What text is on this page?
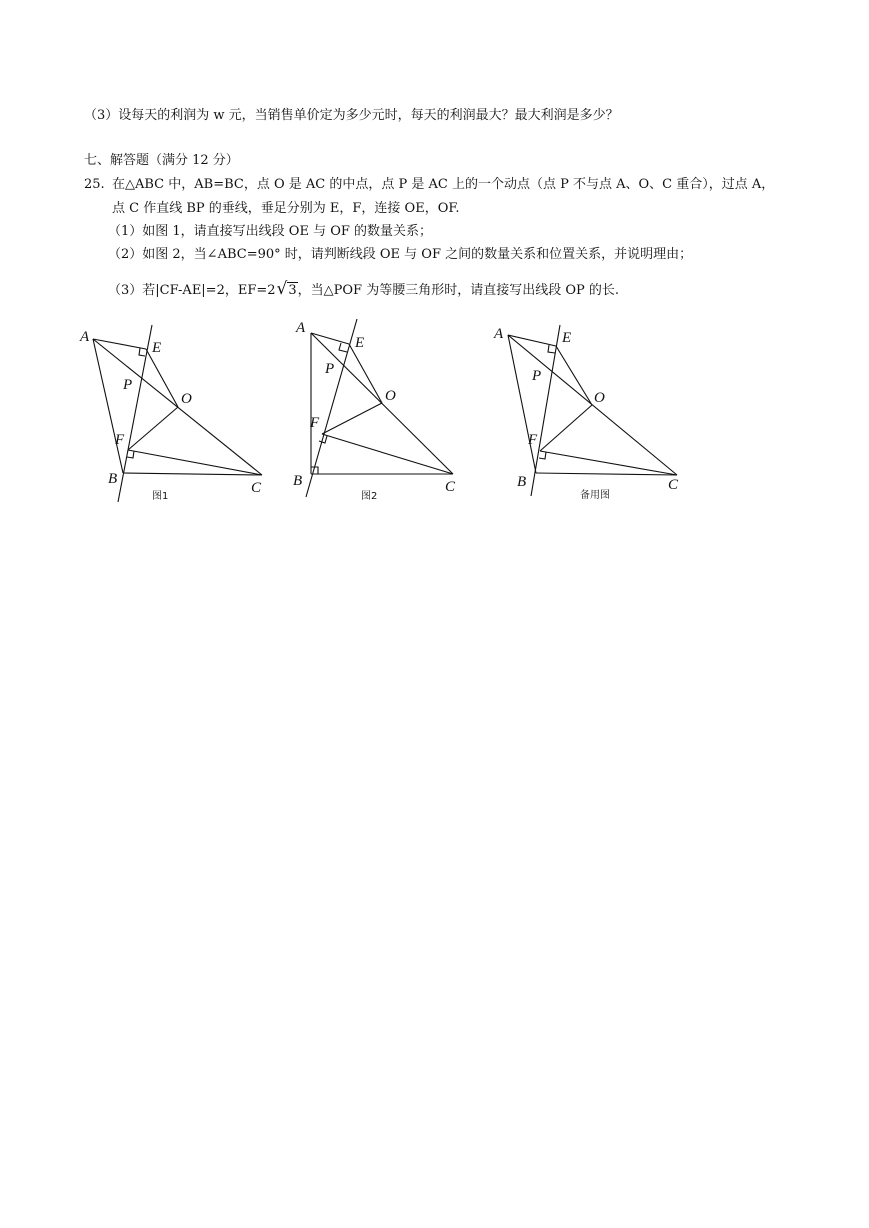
（3）设每天的利润为 w 元，当销售单价定为多少元时，每天的利润最大？最大利润是多少？
七、解答题（满分 12 分）
25. 在△ABC 中，AB=BC，点 O 是 AC 的中点，点 P 是 AC 上的一个动点（点 P 不与点 A、O、C 重合），过点 A，
点 C 作直线 BP 的垂线，垂足分别为 E，F，连接 OE，OF.
（1）如图 1，请直接写出线段 OE 与 OF 的数量关系；
（2）如图 2，当∠ABC=90° 时，请判断线段 OE 与 OF 之间的数量关系和位置关系，并说明理由；
（3）若|CF-AE|=2，EF=2√3，当△POF 为等腰三角形时，请直接写出线段 OP 的长.
A
E
P
O
F
B
C
图1
A
E
P
O
F
B	C
图2
A	E
P
O
F
B	C
备用图
